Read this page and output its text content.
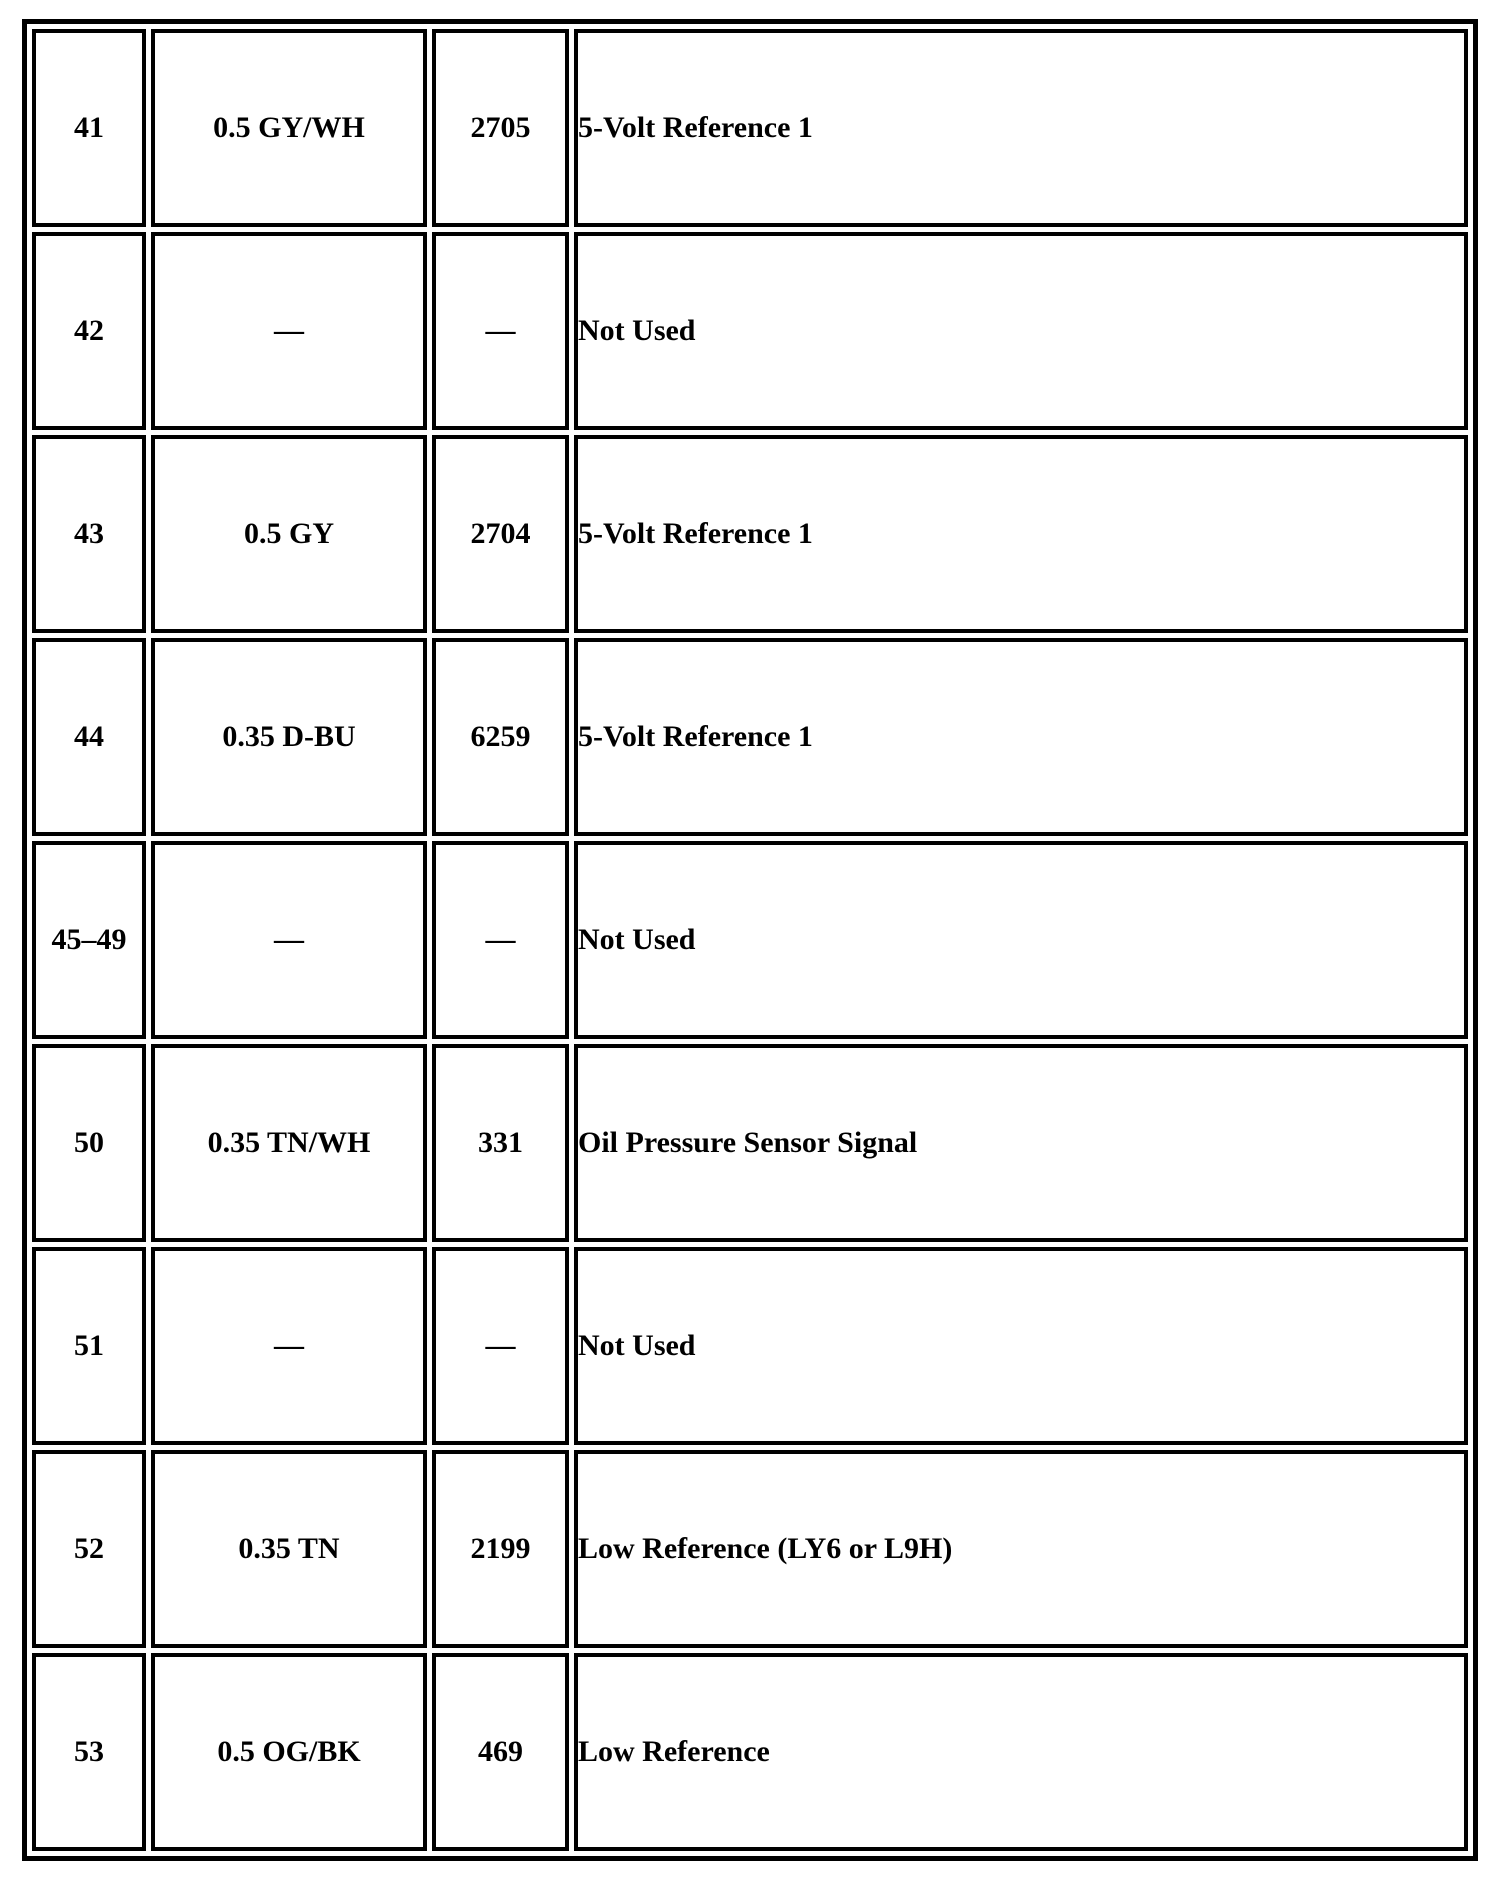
41	0.5 GY/WH	2705	5-Volt Reference 1
42	—	—	Not Used
43	0.5 GY	2704	5-Volt Reference 1
44	0.35 D-BU	6259	5-Volt Reference 1
45–49	—	—	Not Used
50	0.35 TN/WH	331	Oil Pressure Sensor Signal
51	—	—	Not Used
52	0.35 TN	2199	Low Reference (LY6 or L9H)
53	0.5 OG/BK	469	Low Reference
